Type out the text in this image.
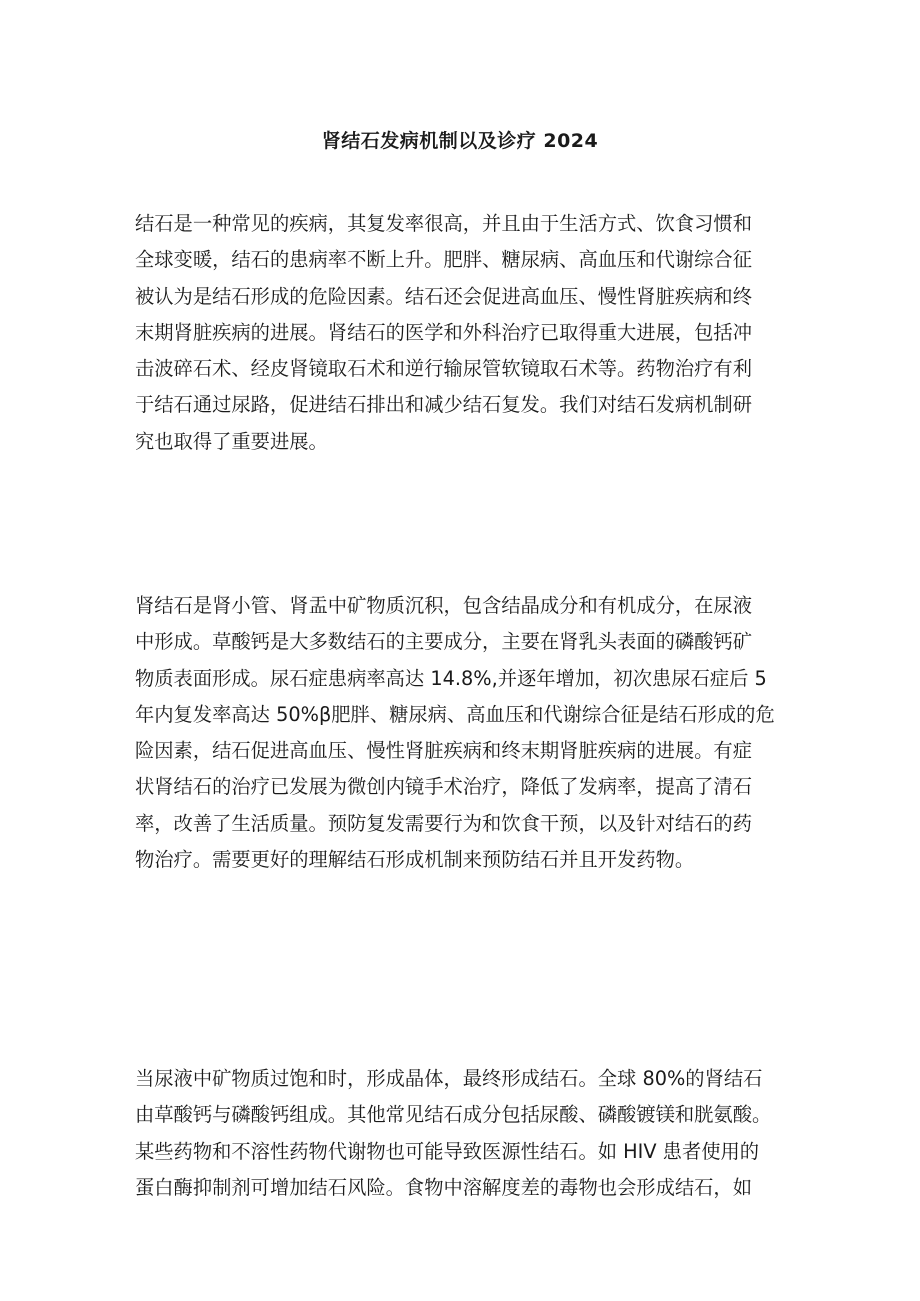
肾结石发病机制以及诊疗 2024
结石是一种常见的疾病，其复发率很高，并且由于生活方式、饮食习惯和
全球变暖，结石的患病率不断上升。肥胖、糖尿病、高血压和代谢综合征
被认为是结石形成的危险因素。结石还会促进高血压、慢性肾脏疾病和终
末期肾脏疾病的进展。肾结石的医学和外科治疗已取得重大进展，包括冲
击波碎石术、经皮肾镜取石术和逆行输尿管软镜取石术等。药物治疗有利
于结石通过尿路，促进结石排出和减少结石复发。我们对结石发病机制研
究也取得了重要进展。
肾结石是肾小管、肾盂中矿物质沉积，包含结晶成分和有机成分，在尿液
中形成。草酸钙是大多数结石的主要成分，主要在肾乳头表面的磷酸钙矿
物质表面形成。尿石症患病率高达 14.8%,并逐年增加，初次患尿石症后 5
年内复发率高达 50%β肥胖、糖尿病、高血压和代谢综合征是结石形成的危
险因素，结石促进高血压、慢性肾脏疾病和终末期肾脏疾病的进展。有症
状肾结石的治疗已发展为微创内镜手术治疗，降低了发病率，提高了清石
率，改善了生活质量。预防复发需要行为和饮食干预，以及针对结石的药
物治疗。需要更好的理解结石形成机制来预防结石并且开发药物。
当尿液中矿物质过饱和时，形成晶体，最终形成结石。全球 80%的肾结石
由草酸钙与磷酸钙组成。其他常见结石成分包括尿酸、磷酸镀镁和胱氨酸。
某些药物和不溶性药物代谢物也可能导致医源性结石。如 HIV 患者使用的
蛋白酶抑制剂可增加结石风险。食物中溶解度差的毒物也会形成结石，如
